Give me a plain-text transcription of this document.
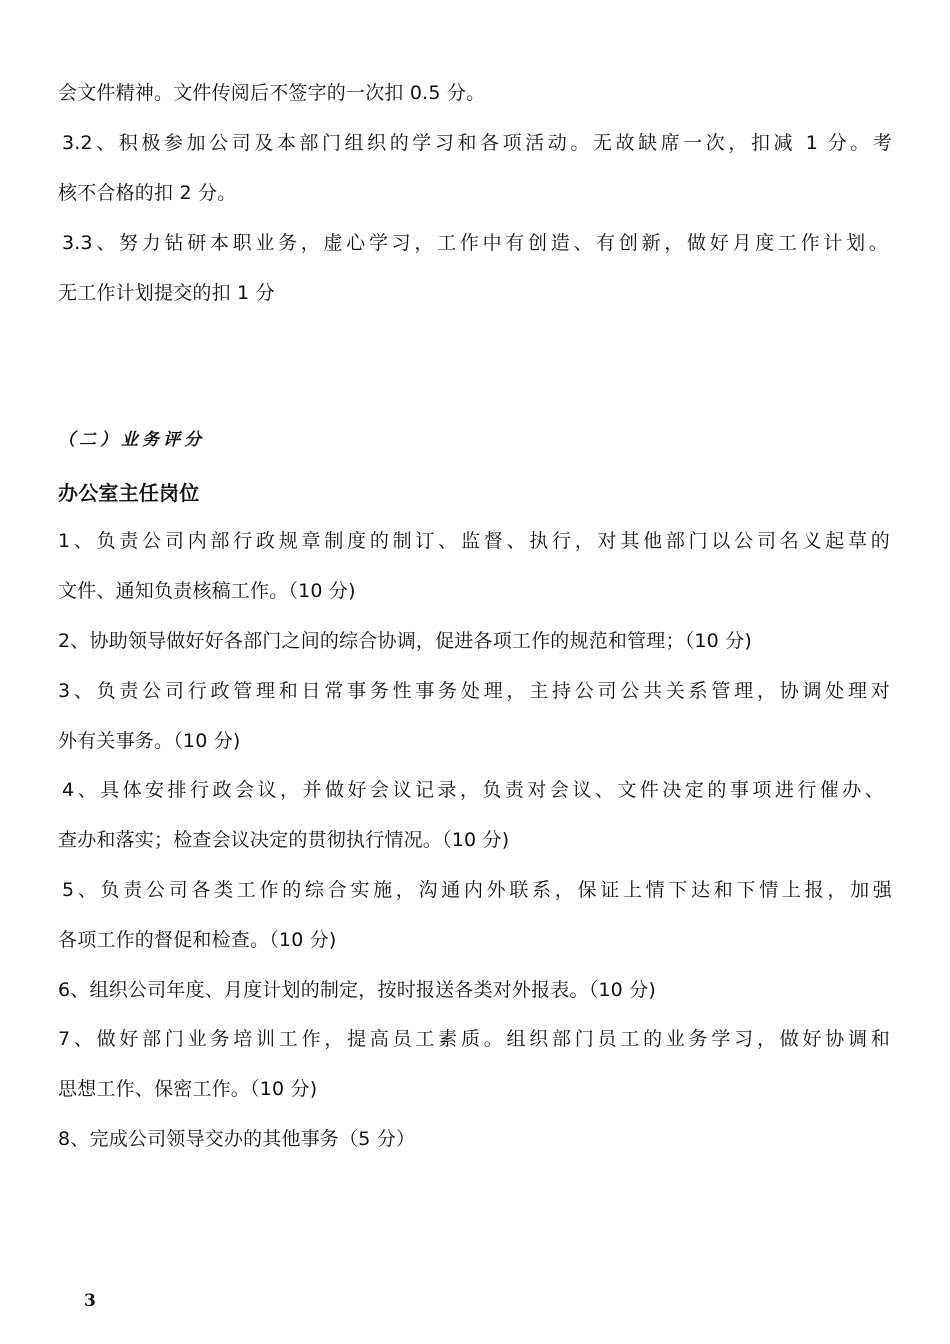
会文件精神。文件传阅后不签字的一次扣 0.5 分。
3.2、积极参加公司及本部门组织的学习和各项活动。无故缺席一次，扣减 1 分。考
核不合格的扣 2 分。
3.3、努力钻研本职业务，虚心学习，工作中有创造、有创新，做好月度工作计划。
无工作计划提交的扣 1 分
（二）业务评分
办公室主任岗位
1、负责公司内部行政规章制度的制订、监督、执行，对其他部门以公司名义起草的
文件、通知负责核稿工作。（10 分)
2、协助领导做好好各部门之间的综合协调，促进各项工作的规范和管理；（10 分)
3、负责公司行政管理和日常事务性事务处理，主持公司公共关系管理，协调处理对
外有关事务。（10 分)
4、具体安排行政会议，并做好会议记录，负责对会议、文件决定的事项进行催办、
查办和落实；检查会议决定的贯彻执行情况。（10 分)
5、负责公司各类工作的综合实施，沟通内外联系，保证上情下达和下情上报，加强
各项工作的督促和检查。（10 分)
6、组织公司年度、月度计划的制定，按时报送各类对外报表。（10 分)
7、做好部门业务培训工作，提高员工素质。组织部门员工的业务学习，做好协调和
思想工作、保密工作。（10 分)
8、完成公司领导交办的其他事务（5 分）
3
